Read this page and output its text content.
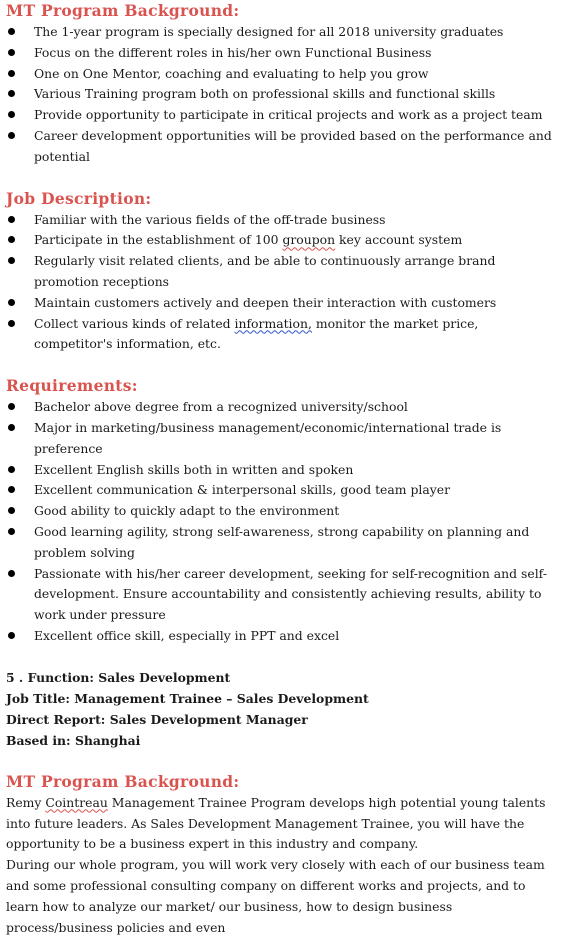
MT Program Background:
The 1-year program is specially designed for all 2018 university graduates
Focus on the different roles in his/her own Functional Business
One on One Mentor, coaching and evaluating to help you grow
Various Training program both on professional skills and functional skills
Provide opportunity to participate in critical projects and work as a project team
Career development opportunities will be provided based on the performance and potential
Job Description:
Familiar with the various fields of the off-trade business
Participate in the establishment of 100 groupon key account system
Regularly visit related clients, and be able to continuously arrange brand promotion receptions
Maintain customers actively and deepen their interaction with customers
Collect various kinds of related information, monitor the market price, competitor's information, etc.
Requirements:
Bachelor above degree from a recognized university/school
Major in marketing/business management/economic/international trade is preference
Excellent English skills both in written and spoken
Excellent communication & interpersonal skills, good team player
Good ability to quickly adapt to the environment
Good learning agility, strong self-awareness, strong capability on planning and problem solving
Passionate with his/her career development, seeking for self-recognition and self-development. Ensure accountability and consistently achieving results, ability to work under pressure
Excellent office skill, especially in PPT and excel
5 . Function: Sales Development
Job Title: Management Trainee – Sales Development
Direct Report: Sales Development Manager
Based in: Shanghai
MT Program Background:

Remy Cointreau Management Trainee Program develops high potential young talents into future leaders. As Sales Development Management Trainee, you will have the opportunity to be a business expert in this industry and company.

During our whole program, you will work very closely with each of our business team and some professional consulting company on different works and projects, and to learn how to analyze our market/ our business, how to design business process/business policies and even
